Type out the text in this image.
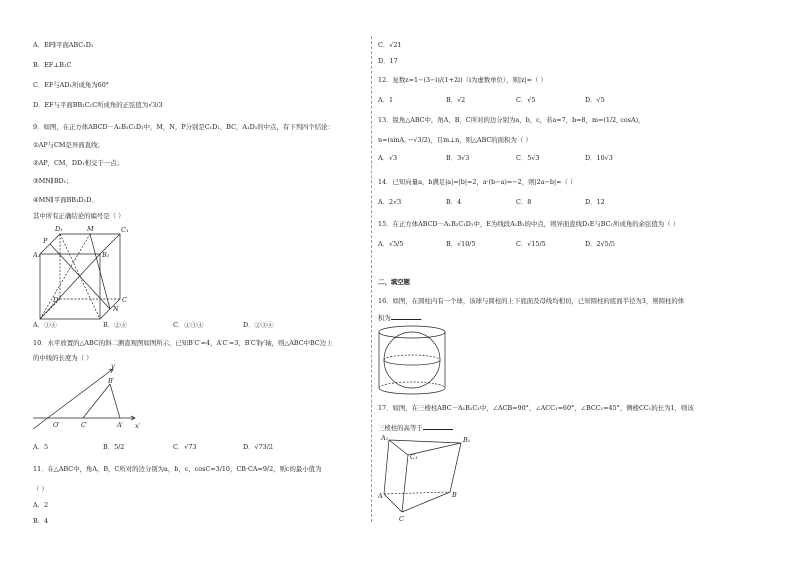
A．EF∥平面ABC₁D₁
B．EF⊥B₁C
C．EF与AD₁所成角为60°
D．EF与平面BB₁C₁C所成角的正弦值为√3/3
9．如图，在正方体ABCD－A₁B₁C₁D₁中，M，N，P分别是C₁D₁，BC，A₁D₁的中点，有下列四个结论：
①AP与CM是异面直线；
②AP，CM，DD₁相交于一点；
③MN∥BD₁；
④MN∥平面BB₁D₁D．
其中所有正确结论的编号是（ ）
D₁	M	C₁
A₁
P
B₁
D
N
C
A．①④	B．②④	C．①③④	D．②③④
10．水平放置的△ABC的斜二测直观图如图所示，已知B′C′=4，A′C′=3，B′C′∥y′轴，则△ABC中BC边上
的中线的长度为（ ）
y′
B′
O′	C′	A′ x′
A．5	B．5/2	C．√73	D．√73/2
11．在△ABC中，角A，B，C所对的边分别为a，b，c，cosC=3/10，CB·CA=9/2，则c的最小值为
（ ）
A．2
B．4
C．√21
D．17
12．复数z=1−(3−i)/(1+2i)（i为虚数单位），则|z|=（ ）
A．1	B．√2	C．√5	D．√5
13．锐角△ABC中，角A，B，C所对的边分别为a，b，c，若a=7，b=8，m=(1/2, cosA)，
n=(sinA, −√3/2)，且m⊥n，则△ABC的面积为（ ）
A．√3	B．3√3	C．5√3	D．10√3
14．已知向量a，b满足|a|=|b|=2，a·(b−a)=−2，则|2a−b|=（ ）
A．2√3	B．4	C．8	D．12
15．在正方体ABCD－A₁B₁C₁D₁中，E为线段A₁B₁的中点，则异面直线D₁E与BC₁所成角的余弦值为（ ）
A．√5/5	B．√10/5	C．√15/5	D．2√5/5
二、填空题
16．如图，在圆柱内有一个球，该球与圆柱的上下底面及母线均相切，已知圆柱的底面半径为3，则圆柱的体
积为	．
17．如图，在三棱柱ABC－A₁B₁C₁中，∠ACB=90°，∠ACC₁=60°，∠BCC₁=45°，侧棱CC₁的长为1，则该
三棱柱的高等于
A₁	B₁
C₁
A	B
C
